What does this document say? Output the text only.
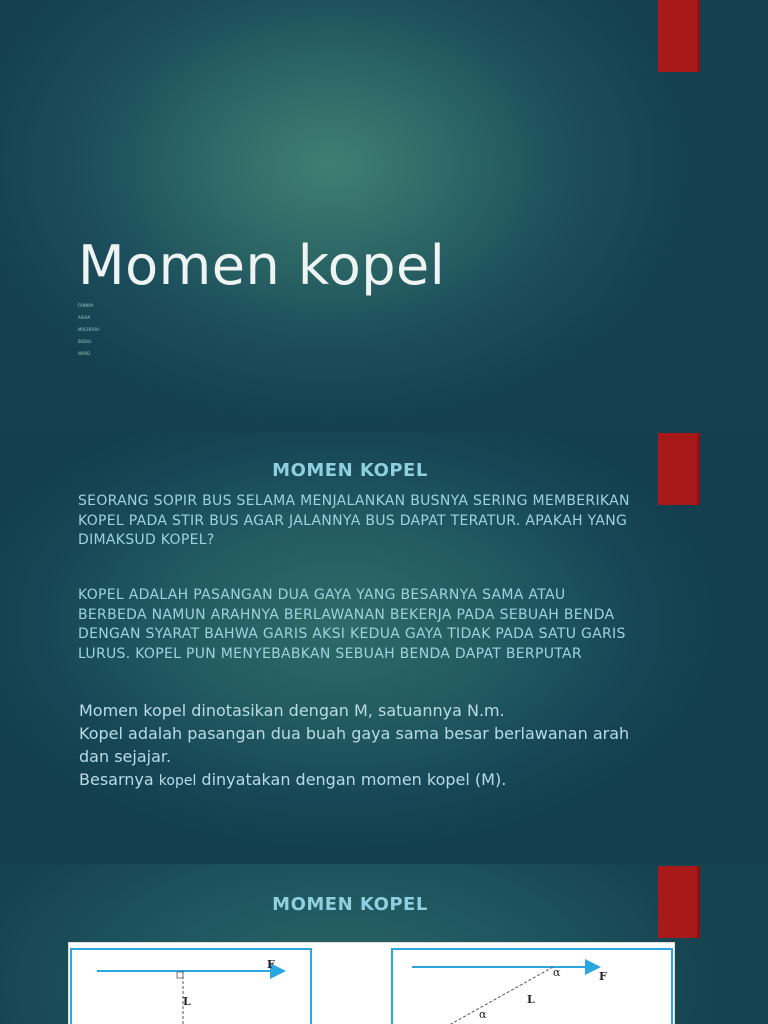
Momen kopel
FANNYA
AISHA
MUCHROH
BADUL
WARD
MOMEN KOPEL

SEORANG SOPIR BUS SELAMA MENJALANKAN BUSNYA SERING MEMBERIKAN KOPEL PADA STIR BUS AGAR JALANNYA BUS DAPAT TERATUR. APAKAH YANG DIMAKSUD KOPEL?

KOPEL ADALAH PASANGAN DUA GAYA YANG BESARNYA SAMA ATAU BERBEDA NAMUN ARAHNYA BERLAWANAN BEKERJA PADA SEBUAH BENDA DENGAN SYARAT BAHWA GARIS AKSI KEDUA GAYA TIDAK PADA SATU GARIS LURUS. KOPEL PUN MENYEBABKAN SEBUAH BENDA DAPAT BERPUTAR

Momen kopel dinotasikan dengan M, satuannya N.m.
Kopel adalah pasangan dua buah gaya sama besar berlawanan arah dan sejajar.
Besarnya kopel dinyatakan dengan momen kopel (M).
MOMEN KOPEL
F
L
α	F
L
α
